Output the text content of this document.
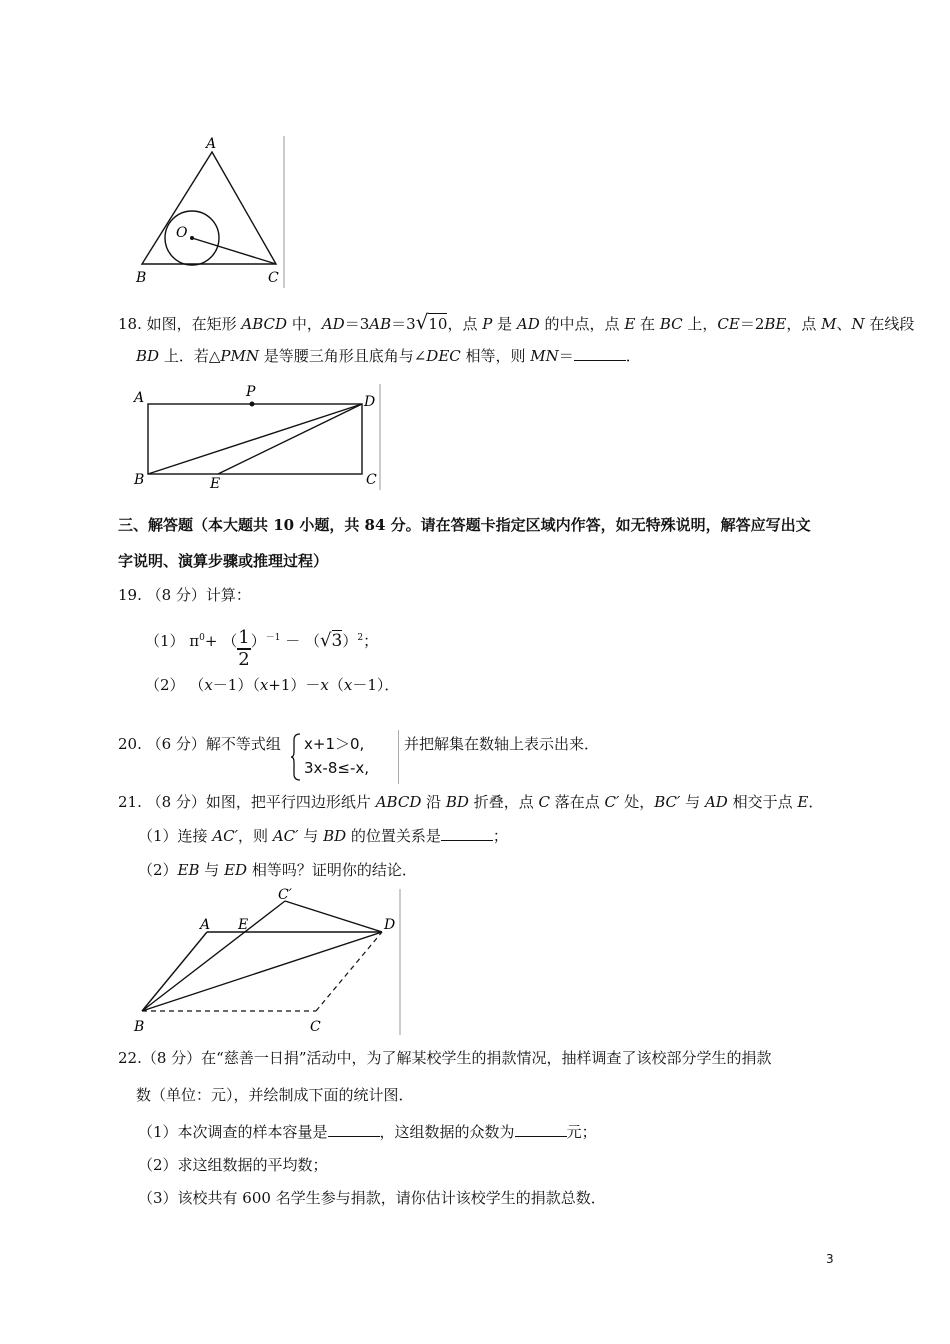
A
O
B	C
18. 如图，在矩形 ABCD 中，AD＝3AB＝3√10，点 P 是 AD 的中点，点 E 在 BC 上，CE＝2BE，点 M、N 在线段
BD 上．若△PMN 是等腰三角形且底角与∠DEC 相等，则 MN＝	．
A	P
D
B	E	C
三、解答题（本大题共 10 小题，共 84 分。请在答题卡指定区域内作答，如无特殊说明，解答应写出文
字说明、演算步骤或推理过程）
19. （8 分）计算：
（1） $\pi^0+$ （ $\frac{1}{2} )^{-1} - (√3)^2$；
（2） （x－1）（x+1）－x（x－1）．
20. （6 分）解不等式组 x+1＞0,
3x-8≤-x,
并把解集在数轴上表示出来．
21. （8 分）如图，把平行四边形纸片 ABCD 沿 BD 折叠，点 C 落在点 C′ 处，BC′ 与 AD 相交于点 E．
（1）连接 AC′，则 AC′ 与 BD 的位置关系是	；
（2）EB 与 ED 相等吗？证明你的结论．
C′
A E	D
B	C
22.（8 分）在“慈善一日捐”活动中，为了解某校学生的捐款情况，抽样调查了该校部分学生的捐款
数（单位：元），并绘制成下面的统计图．
（1）本次调查的样本容量是	，这组数据的众数为	元；
（2）求这组数据的平均数；
（3）该校共有 600 名学生参与捐款，请你估计该校学生的捐款总数．
3
